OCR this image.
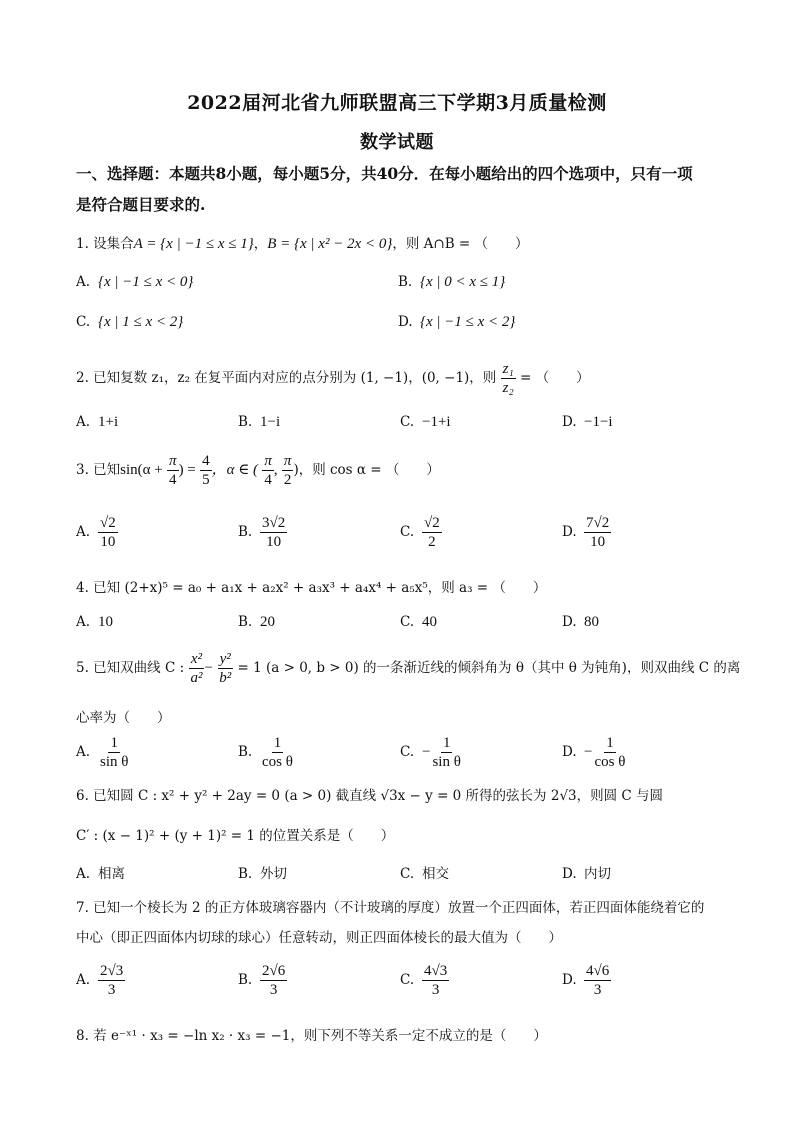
2022届河北省九师联盟高三下学期3月质量检测
数学试题
一、选择题：本题共8小题，每小题5分，共40分．在每小题给出的四个选项中，只有一项
是符合题目要求的.
1. 设集合A = {x | −1 ≤ x ≤ 1}，B = {x | x² − 2x < 0}，则 A∩B = （　　）
A. {x | −1 ≤ x < 0}	B. {x | 0 < x ≤ 1}
C. {x | 1 ≤ x < 2}	D. {x | −1 ≤ x < 2}
2. 已知复数 z₁，z₂ 在复平面内对应的点分别为 (1, −1)，(0, −1)，则 $\frac{\text{z₁}}{\text{z₂}}$ = （　　）
A. 1+i	B. 1−i	C. −1+i	D. −1−i
3. 已知$\sin(\alpha + \frac{\pi}{4}$ ) = $\frac{4}{5}$ ，α ∈ ( $\frac{\pi}{4}$ , $\frac{\pi}{2}$ )，则 cos α = （　　）
A. $\frac{√2}{10}$	B. $\frac{3√2}{10}$	C. $\frac{√2}{2}$	D. $\frac{7√2}{10}$
4. 已知 (2+x)⁵ = a₀ + a₁x + a₂x² + a₃x³ + a₄x⁴ + a₅x⁵，则 a₃ = （　　）
A. 10	B. 20	C. 40	D. 80
5. 已知双曲线 C : $\frac{\text{x²}}{\text{a²}} - \frac{\text{y²}}{\text{b²}} = 1$ (a > 0, b > 0) 的一条渐近线的倾斜角为 θ（其中 θ 为钝角)，则双曲线 C 的离
心率为（　　）
A. $\frac{1}{\text{sin θ}}$	B. $\frac{1}{\text{cos θ}}$	C. − $\frac{1}{\text{sin θ}}$	D. − $\frac{1}{\text{cos θ}}$
6. 已知圆 C : x² + y² + 2ay = 0 (a > 0) 截直线 √3x − y = 0 所得的弦长为 2√3，则圆 C 与圆
C′ : (x − 1)² + (y + 1)² = 1 的位置关系是（　　）
A. 相离	B. 外切	C. 相交	D. 内切
7. 已知一个棱长为 2 的正方体玻璃容器内（不计玻璃的厚度）放置一个正四面体，若正四面体能绕着它的
中心（即正四面体内切球的球心）任意转动，则正四面体棱长的最大值为（　　）
A. $\frac{2√3}{3}$	B. $\frac{2√6}{3}$	C. $\frac{4√3}{3}$	D. $\frac{4√6}{3}$
8. 若 e⁻ˣ¹ · x₃ = −ln x₂ · x₃ = −1，则下列不等关系一定不成立的是（　　）
